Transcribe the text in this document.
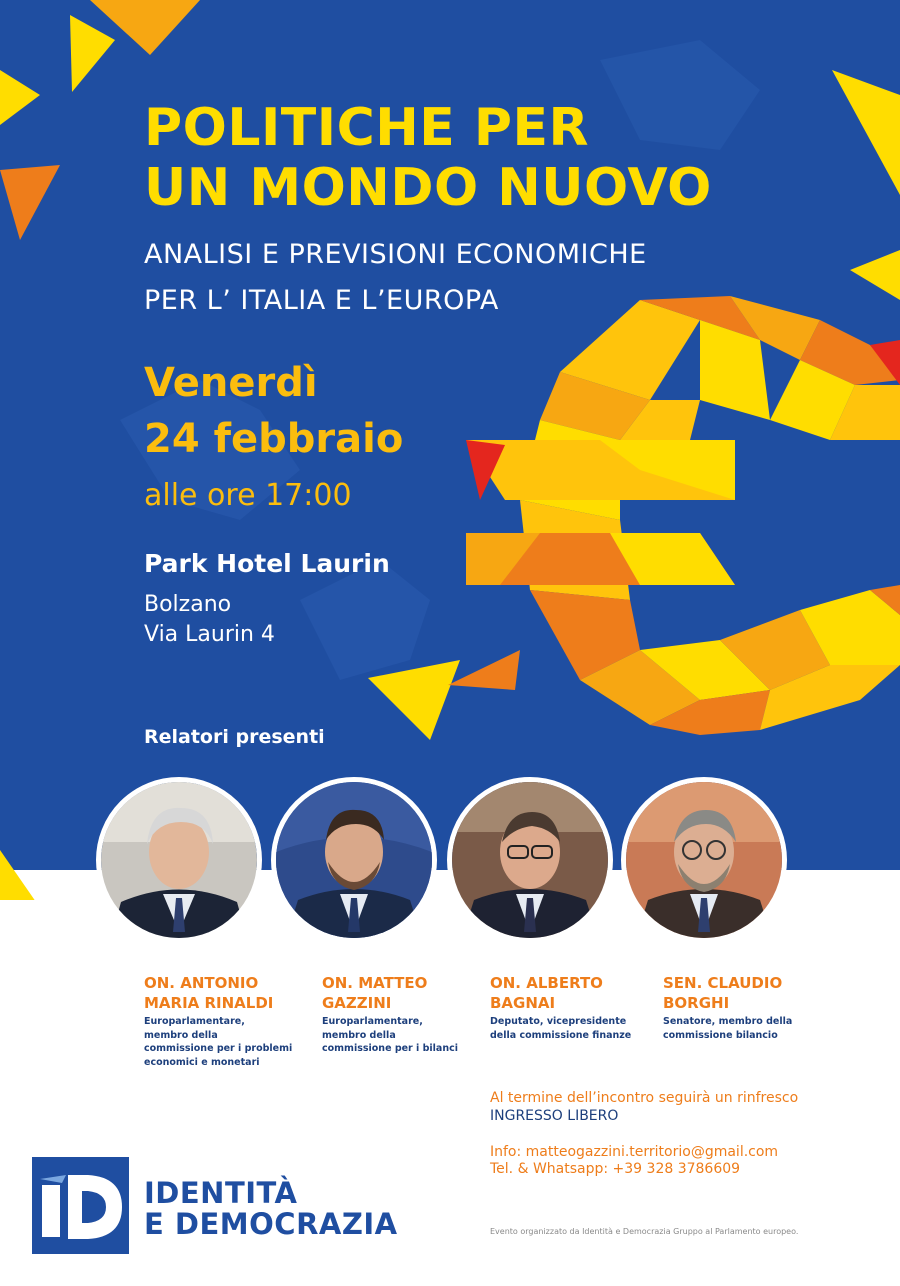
POLITICHE PER
UN MONDO NUOVO
ANALISI E PREVISIONI ECONOMICHE
PER L’ ITALIA E L’EUROPA
Venerdì
24 febbraio
alle ore 17:00
Park Hotel Laurin
Bolzano
Via Laurin 4
Relatori presenti
ON. ANTONIO
MARIA RINALDI
Europarlamentare,
membro della
commissione per i problemi
economici e monetari
ON. MATTEO
GAZZINI
Europarlamentare,
membro della
commissione per i bilanci
ON. ALBERTO
BAGNAI
Deputato, vicepresidente
della commissione finanze
SEN. CLAUDIO
BORGHI
Senatore, membro della
commissione bilancio
Al termine dell’incontro seguirà un rinfresco
INGRESSO LIBERO
Info: matteogazzini.territorio@gmail.com
Tel. & Whatsapp: +39 328 3786609
IDENTITÀ
E DEMOCRAZIA	Evento organizzato da Identità e Democrazia Gruppo al Parlamento europeo.
